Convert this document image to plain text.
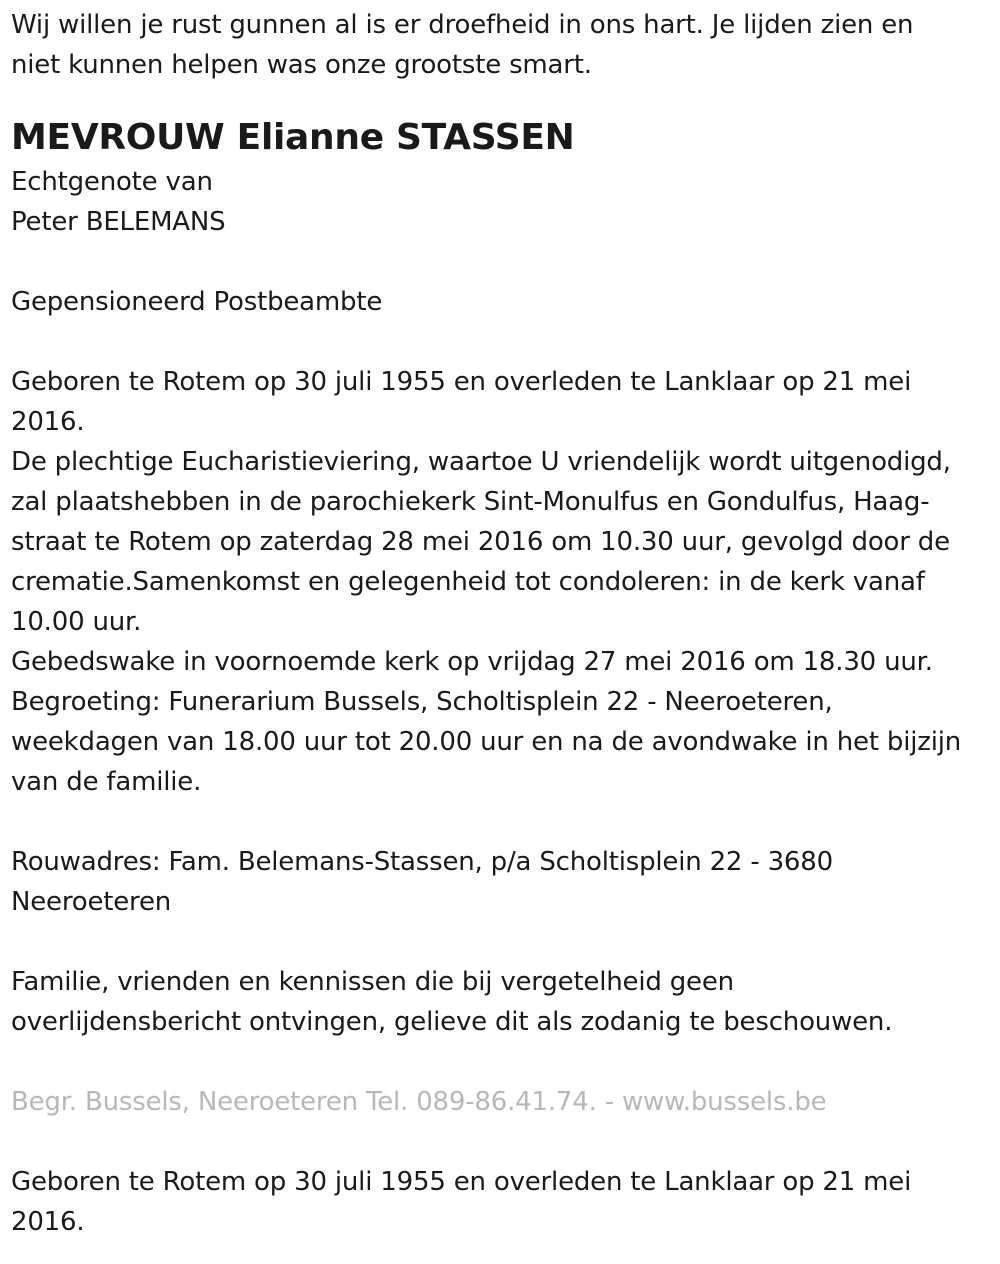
Wij willen je rust gunnen al is er droefheid in ons hart. Je lijden zien en
niet kunnen helpen was onze grootste smart.
MEVROUW Elianne STASSEN
Echtgenote van
Peter BELEMANS
Gepensioneerd Postbeambte
Geboren te Rotem op 30 juli 1955 en overleden te Lanklaar op 21 mei
2016.
De plechtige Eucharistieviering, waartoe U vriendelijk wordt uitgenodigd,
zal plaatshebben in de parochiekerk Sint-Monulfus en Gondulfus, Haag-
straat te Rotem op zaterdag 28 mei 2016 om 10.30 uur, gevolgd door de
crematie.Samenkomst en gelegenheid tot condoleren: in de kerk vanaf
10.00 uur.
Gebedswake in voornoemde kerk op vrijdag 27 mei 2016 om 18.30 uur.
Begroeting: Funerarium Bussels, Scholtisplein 22 - Neeroeteren,
weekdagen van 18.00 uur tot 20.00 uur en na de avondwake in het bijzijn
van de familie.
Rouwadres: Fam. Belemans-Stassen, p/a Scholtisplein 22 - 3680
Neeroeteren
Familie, vrienden en kennissen die bij vergetelheid geen
overlijdensbericht ontvingen, gelieve dit als zodanig te beschouwen.
Begr. Bussels, Neeroeteren Tel. 089-86.41.74. - www.bussels.be
Geboren te Rotem op 30 juli 1955 en overleden te Lanklaar op 21 mei
2016.
